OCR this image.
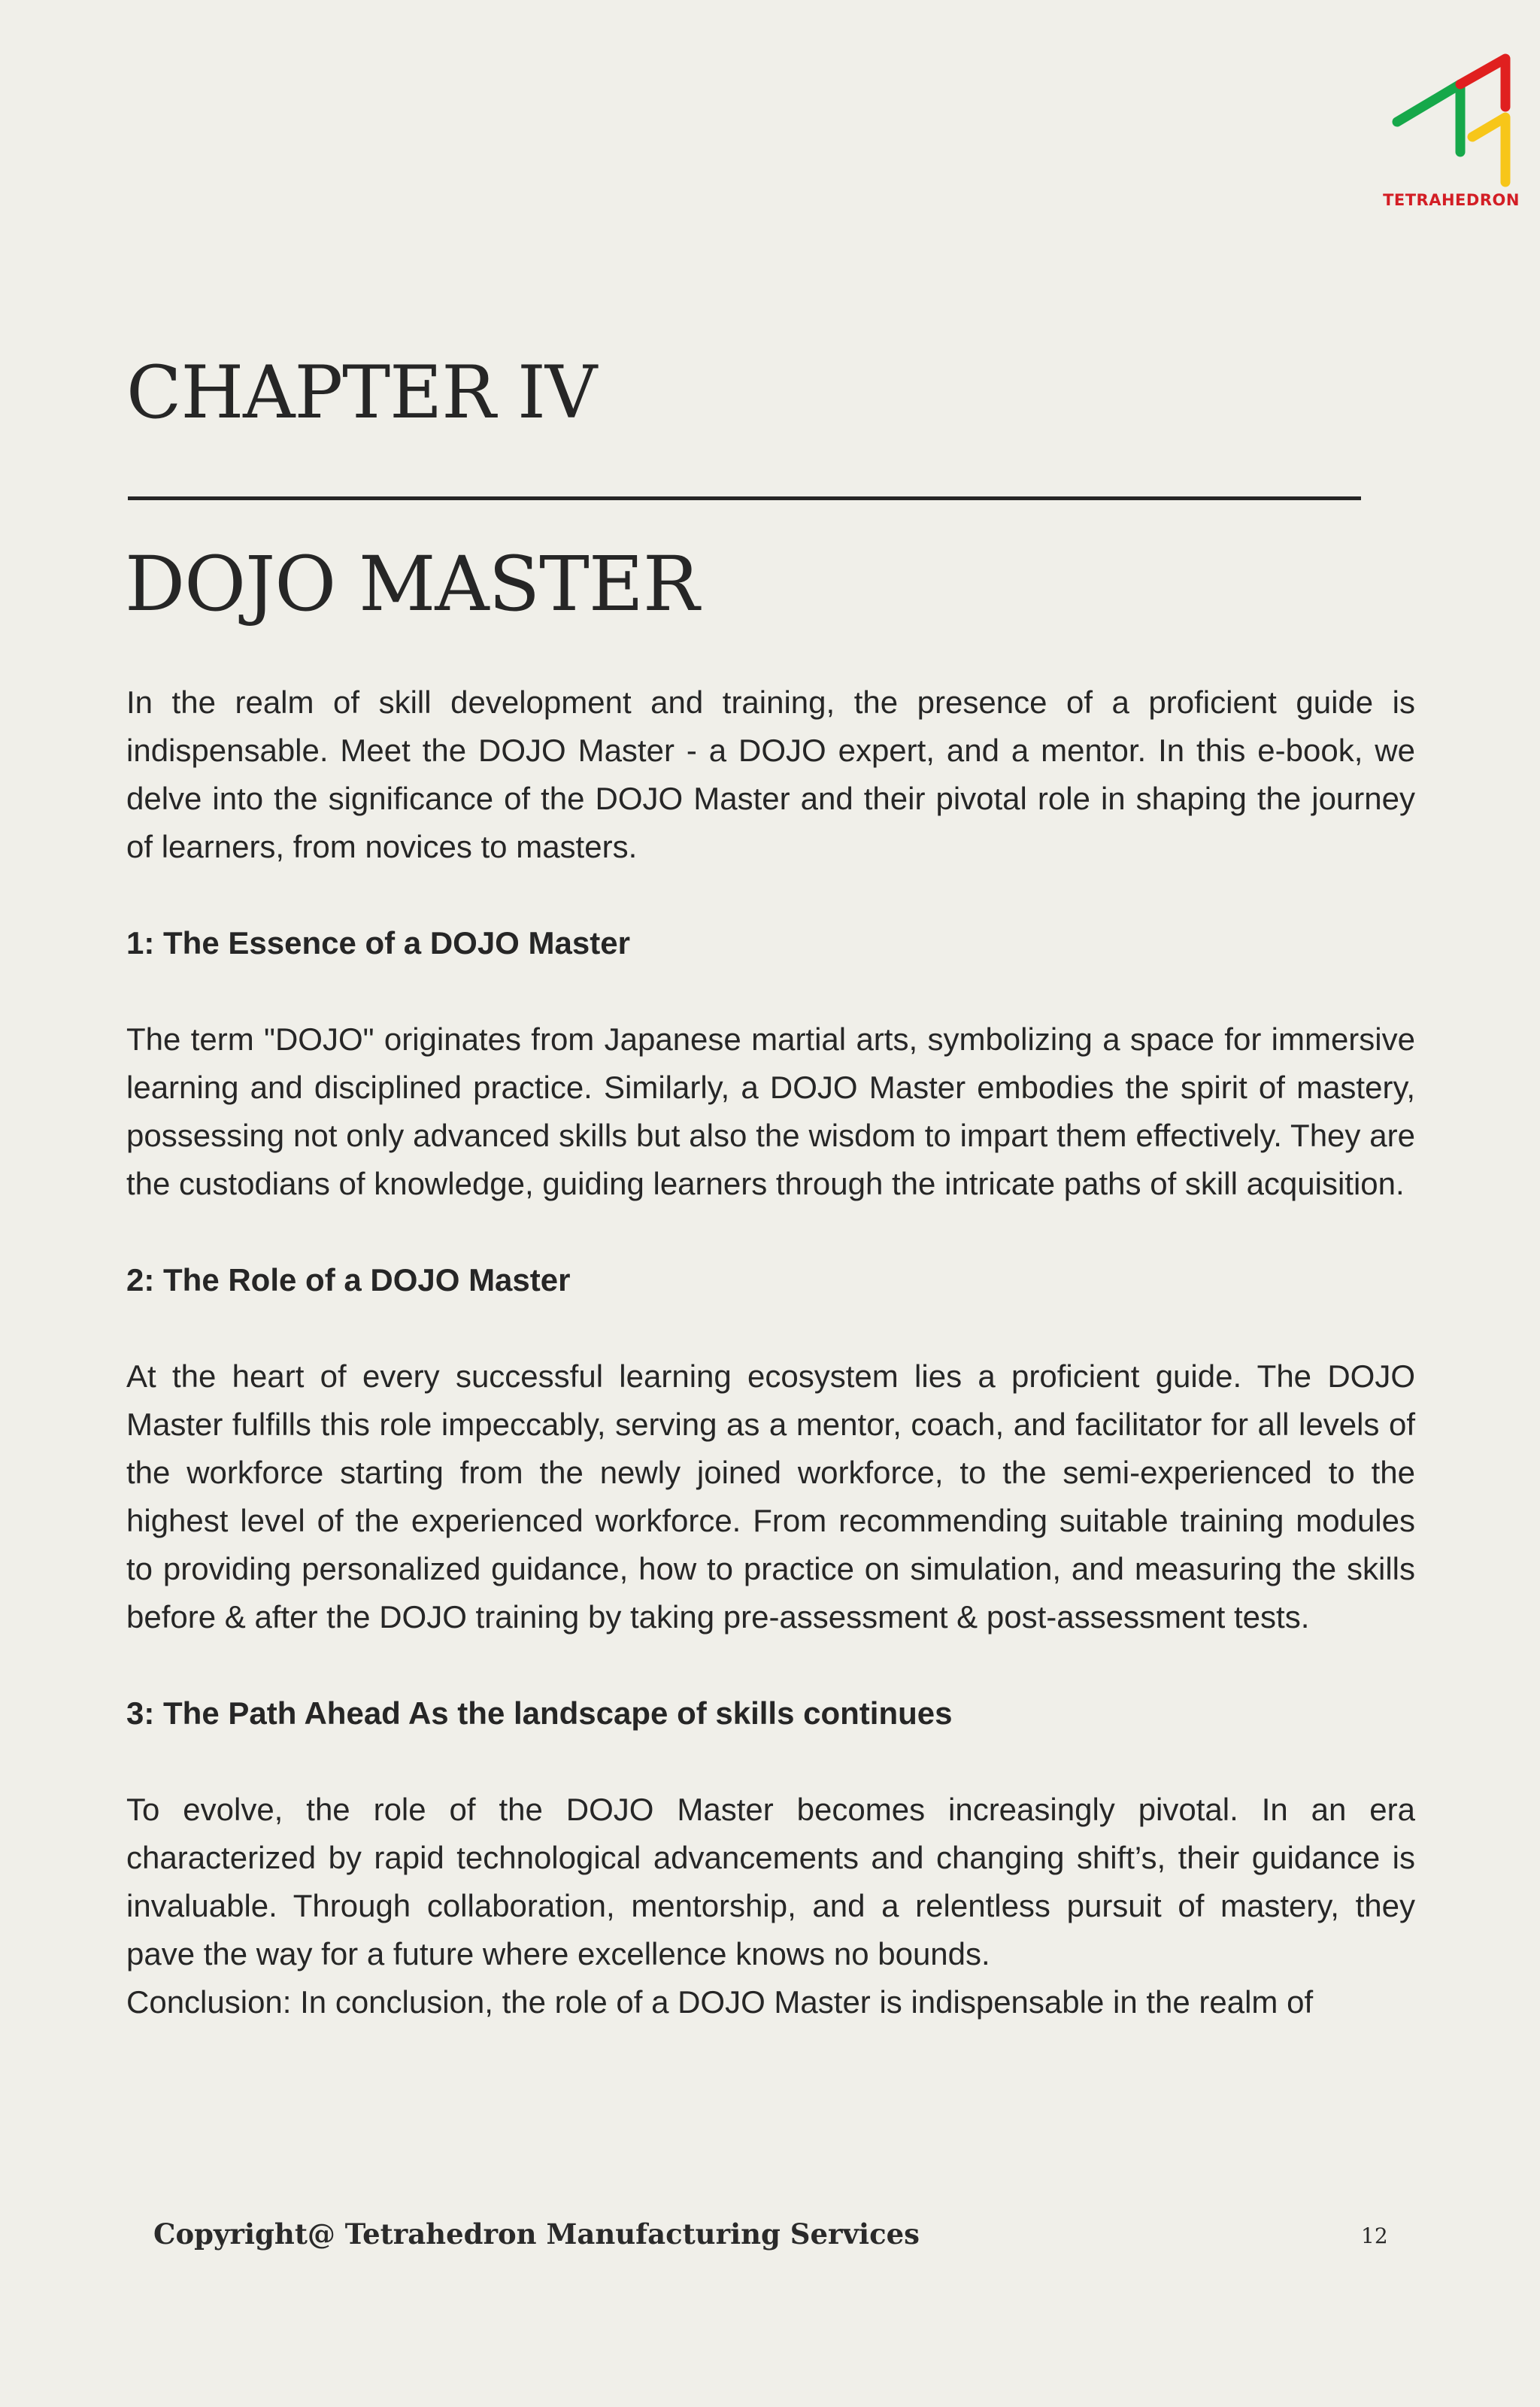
TETRAHEDRON
CHAPTER IV
DOJO MASTER

In the realm of skill development and training, the presence of a proficient guide is indispensable. Meet the DOJO Master - a DOJO expert, and a mentor. In this e-book, we delve into the significance of the DOJO Master and their pivotal role in shaping the journey of learners, from novices to masters.

1: The Essence of a DOJO Master

The term "DOJO" originates from Japanese martial arts, symbolizing a space for immersive learning and disciplined practice. Similarly, a DOJO Master embodies the spirit of mastery, possessing not only advanced skills but also the wisdom to impart them effectively. They are the custodians of knowledge, guiding learners through the intricate paths of skill acquisition.

2: The Role of a DOJO Master

At the heart of every successful learning ecosystem lies a proficient guide. The DOJO Master fulfills this role impeccably, serving as a mentor, coach, and facilitator for all levels of the workforce starting from the newly joined workforce, to the semi-experienced to the highest level of the experienced workforce. From recommending suitable training modules to providing personalized guidance, how to practice on simulation, and measuring the skills before & after the DOJO training by taking pre-assessment & post-assessment tests.

3: The Path Ahead As the landscape of skills continues

To evolve, the role of the DOJO Master becomes increasingly pivotal. In an era characterized by rapid technological advancements and changing shift’s, their guidance is invaluable. Through collaboration, mentorship, and a relentless pursuit of mastery, they pave the way for a future where excellence knows no bounds.

Conclusion: In conclusion, the role of a DOJO Master is indispensable in the realm of

Copyright@ Tetrahedron Manufacturing Services	12
